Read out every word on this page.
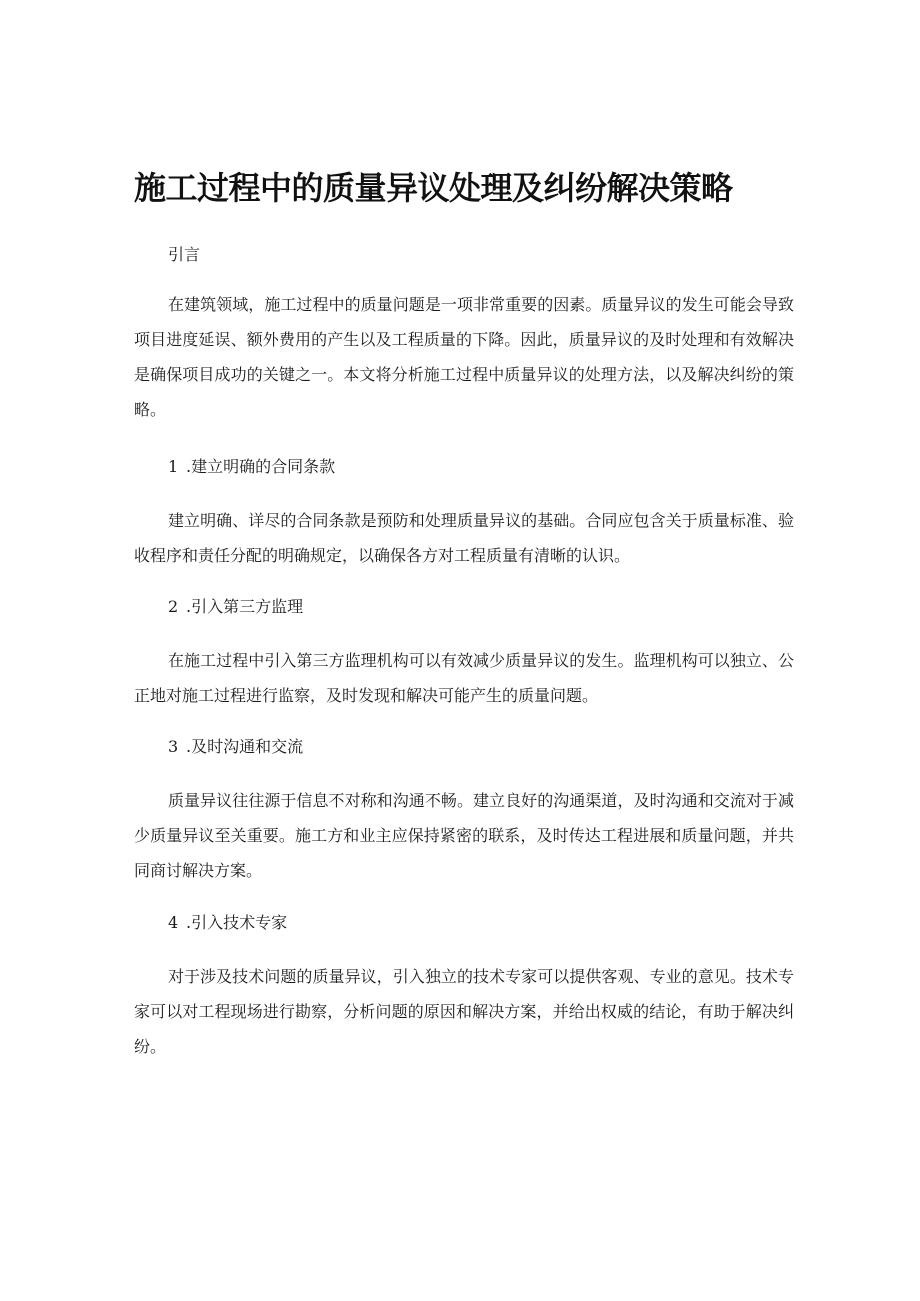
施工过程中的质量异议处理及纠纷解决策略

引言

在建筑领域，施工过程中的质量问题是一项非常重要的因素。质量异议的发生可能会导致项目进度延误、额外费用的产生以及工程质量的下降。因此，质量异议的及时处理和有效解决是确保项目成功的关键之一。本文将分析施工过程中质量异议的处理方法，以及解决纠纷的策略。

1 .建立明确的合同条款

建立明确、详尽的合同条款是预防和处理质量异议的基础。合同应包含关于质量标准、验收程序和责任分配的明确规定，以确保各方对工程质量有清晰的认识。

2 .引入第三方监理

在施工过程中引入第三方监理机构可以有效减少质量异议的发生。监理机构可以独立、公正地对施工过程进行监察，及时发现和解决可能产生的质量问题。

3 .及时沟通和交流

质量异议往往源于信息不对称和沟通不畅。建立良好的沟通渠道，及时沟通和交流对于减少质量异议至关重要。施工方和业主应保持紧密的联系，及时传达工程进展和质量问题，并共同商讨解决方案。

4 .引入技术专家

对于涉及技术问题的质量异议，引入独立的技术专家可以提供客观、专业的意见。技术专家可以对工程现场进行勘察，分析问题的原因和解决方案，并给出权威的结论，有助于解决纠纷。
